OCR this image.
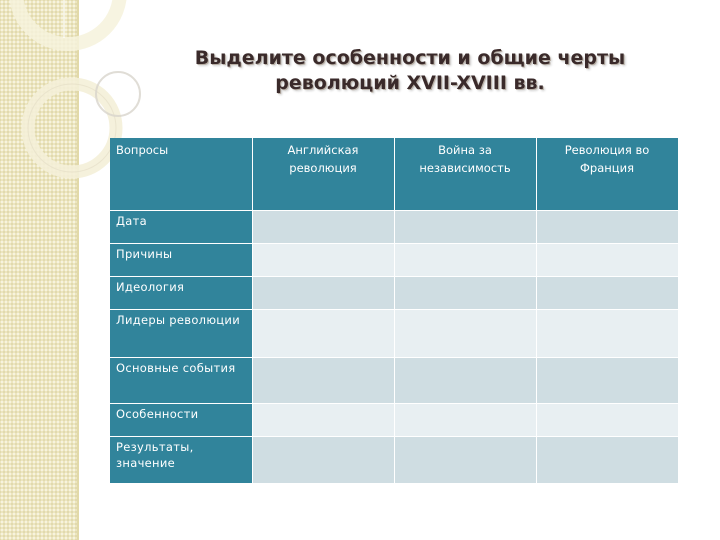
Выделите особенности и общие черты
революций XVII-XVIII вв.
Вопросы	Английская революция	Война за независимость	Революция во Франция
Дата			
Причины			
Идеология			
Лидеры революции			
Основные события			
Особенности			
Результаты, значение			
